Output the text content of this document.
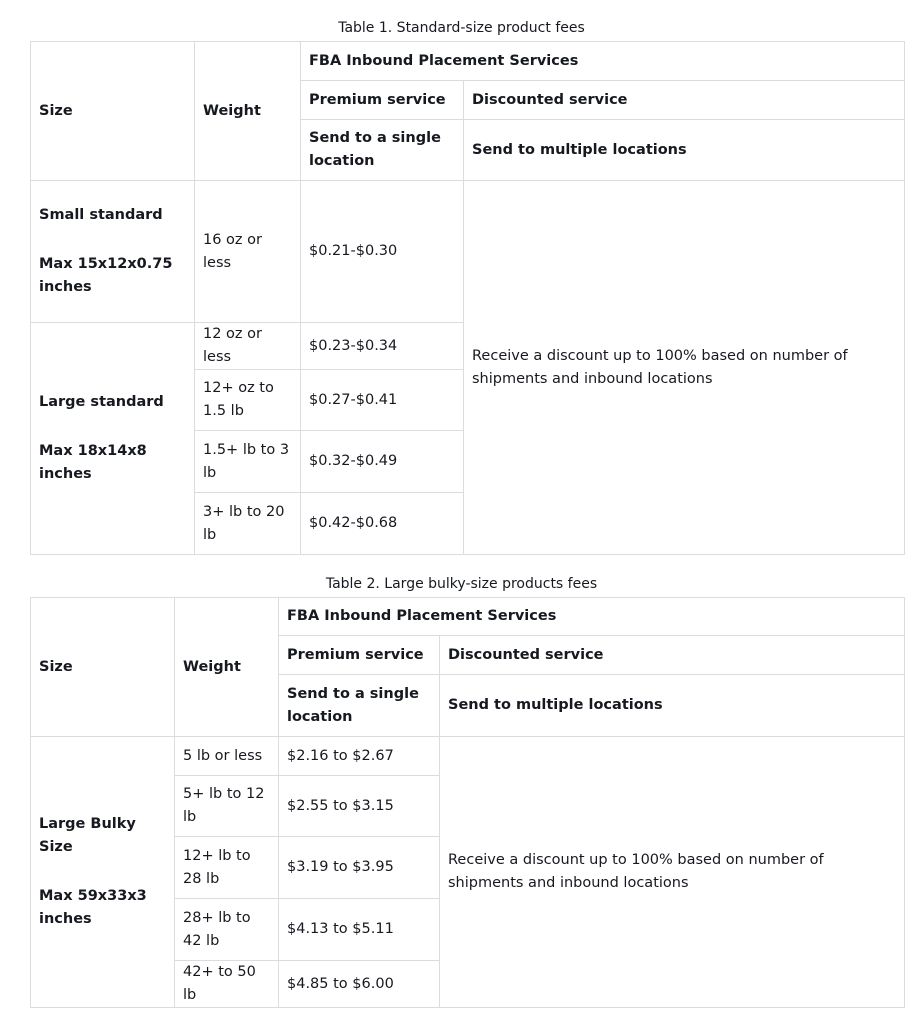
Table 1. Standard-size product fees
Size	Weight	FBA Inbound Placement Services	
		Premium service	Discounted service
		Send to a single location	Send to multiple locations

Small standard
Max 15x12x0.75 inches	16 oz or less	$0.21-$0.30	Receive a discount up to 100% based on number of shipments and inbound locations

Large standard
Max 18x14x8 inches	12 oz or less	$0.23-$0.34	
	12+ oz to 1.5 lb	$0.27-$0.41	
	1.5+ lb to 3 lb	$0.32-$0.49	
	3+ lb to 20 lb	$0.42-$0.68	
Table 2. Large bulky-size products fees
Size	Weight	FBA Inbound Placement Services	
		Premium service	Discounted service
		Send to a single location	Send to multiple locations

Large Bulky Size
Max 59x33x3 inches	5 lb or less	$2.16 to $2.67	Receive a discount up to 100% based on number of shipments and inbound locations
	5+ lb to 12 lb	$2.55 to $3.15	
	12+ lb to 28 lb	$3.19 to $3.95	
	28+ lb to 42 lb	$4.13 to $5.11	
	42+ to 50 lb	$4.85 to $6.00	
